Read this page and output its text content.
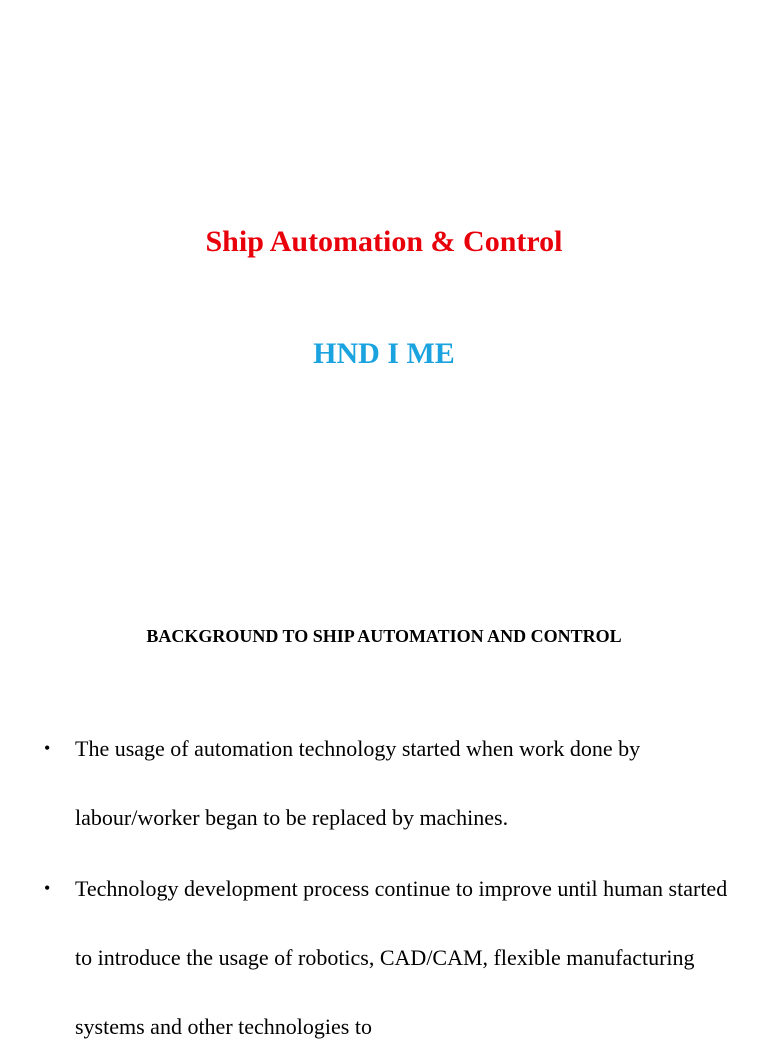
Ship Automation & Control
HND I ME
BACKGROUND TO SHIP AUTOMATION AND CONTROL
• The usage of automation technology started when work done by labour/worker began to be replaced by machines.
• Technology development process continue to improve until human started to introduce the usage of robotics, CAD/CAM, flexible manufacturing systems and other technologies to
